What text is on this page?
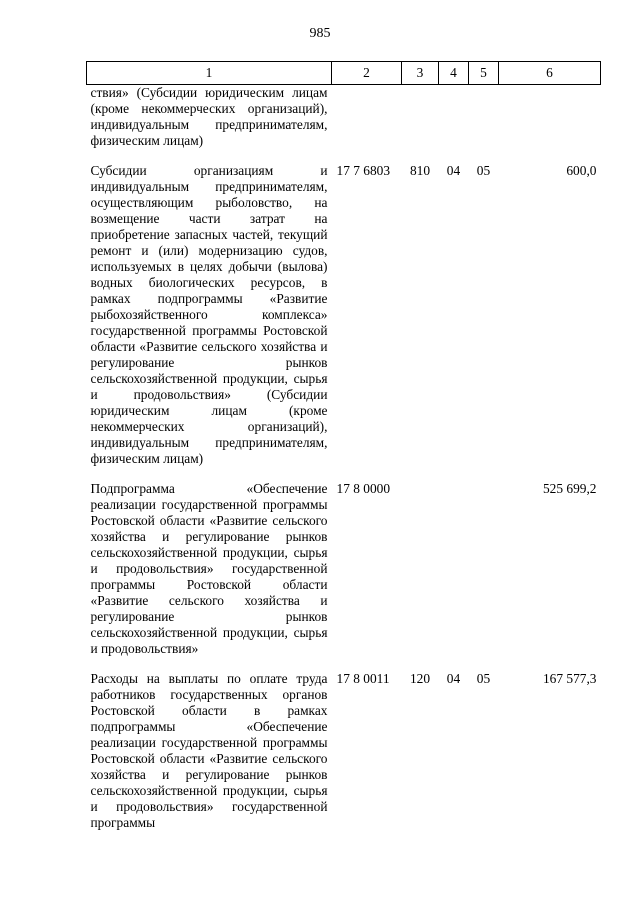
985
1	2	3	4	5	6
ствия» (Субсидии юридическим лицам (кроме некоммерческих организаций), индивидуальным предпринимателям, физическим лицам)					

Субсидии организациям и индивидуальным предпринимателям, осуществляющим рыболовство, на возмещение части затрат на приобретение запасных частей, текущий ремонт и (или) модернизацию судов, используемых в целях добычи (вылова) водных биологических ресурсов, в рамках подпрограммы «Развитие рыбохозяйственного комплекса» государственной программы Ростовской области «Развитие сельского хозяйства и регулирование рынков сельскохозяйственной продукции, сырья и продовольствия» (Субсидии юридическим лицам (кроме некоммерческих организаций), индивидуальным предпринимателям, физическим лицам)	17 7 6803	810	04	05	600,0

Подпрограмма «Обеспечение реализации государственной программы Ростовской области «Развитие сельского хозяйства и регулирование рынков сельскохозяйственной продукции, сырья и продовольствия» государственной программы Ростовской области «Развитие сельского хозяйства и регулирование рынков сельскохозяйственной продукции, сырья и продовольствия»	17 8 0000				525 699,2

Расходы на выплаты по оплате труда работников государственных органов Ростовской области в рамках подпрограммы «Обеспечение реализации государственной программы Ростовской области «Развитие сельского хозяйства и регулирование рынков сельскохозяйственной продукции, сырья и продовольствия» государственной программы	17 8 0011	120	04	05	167 577,3
